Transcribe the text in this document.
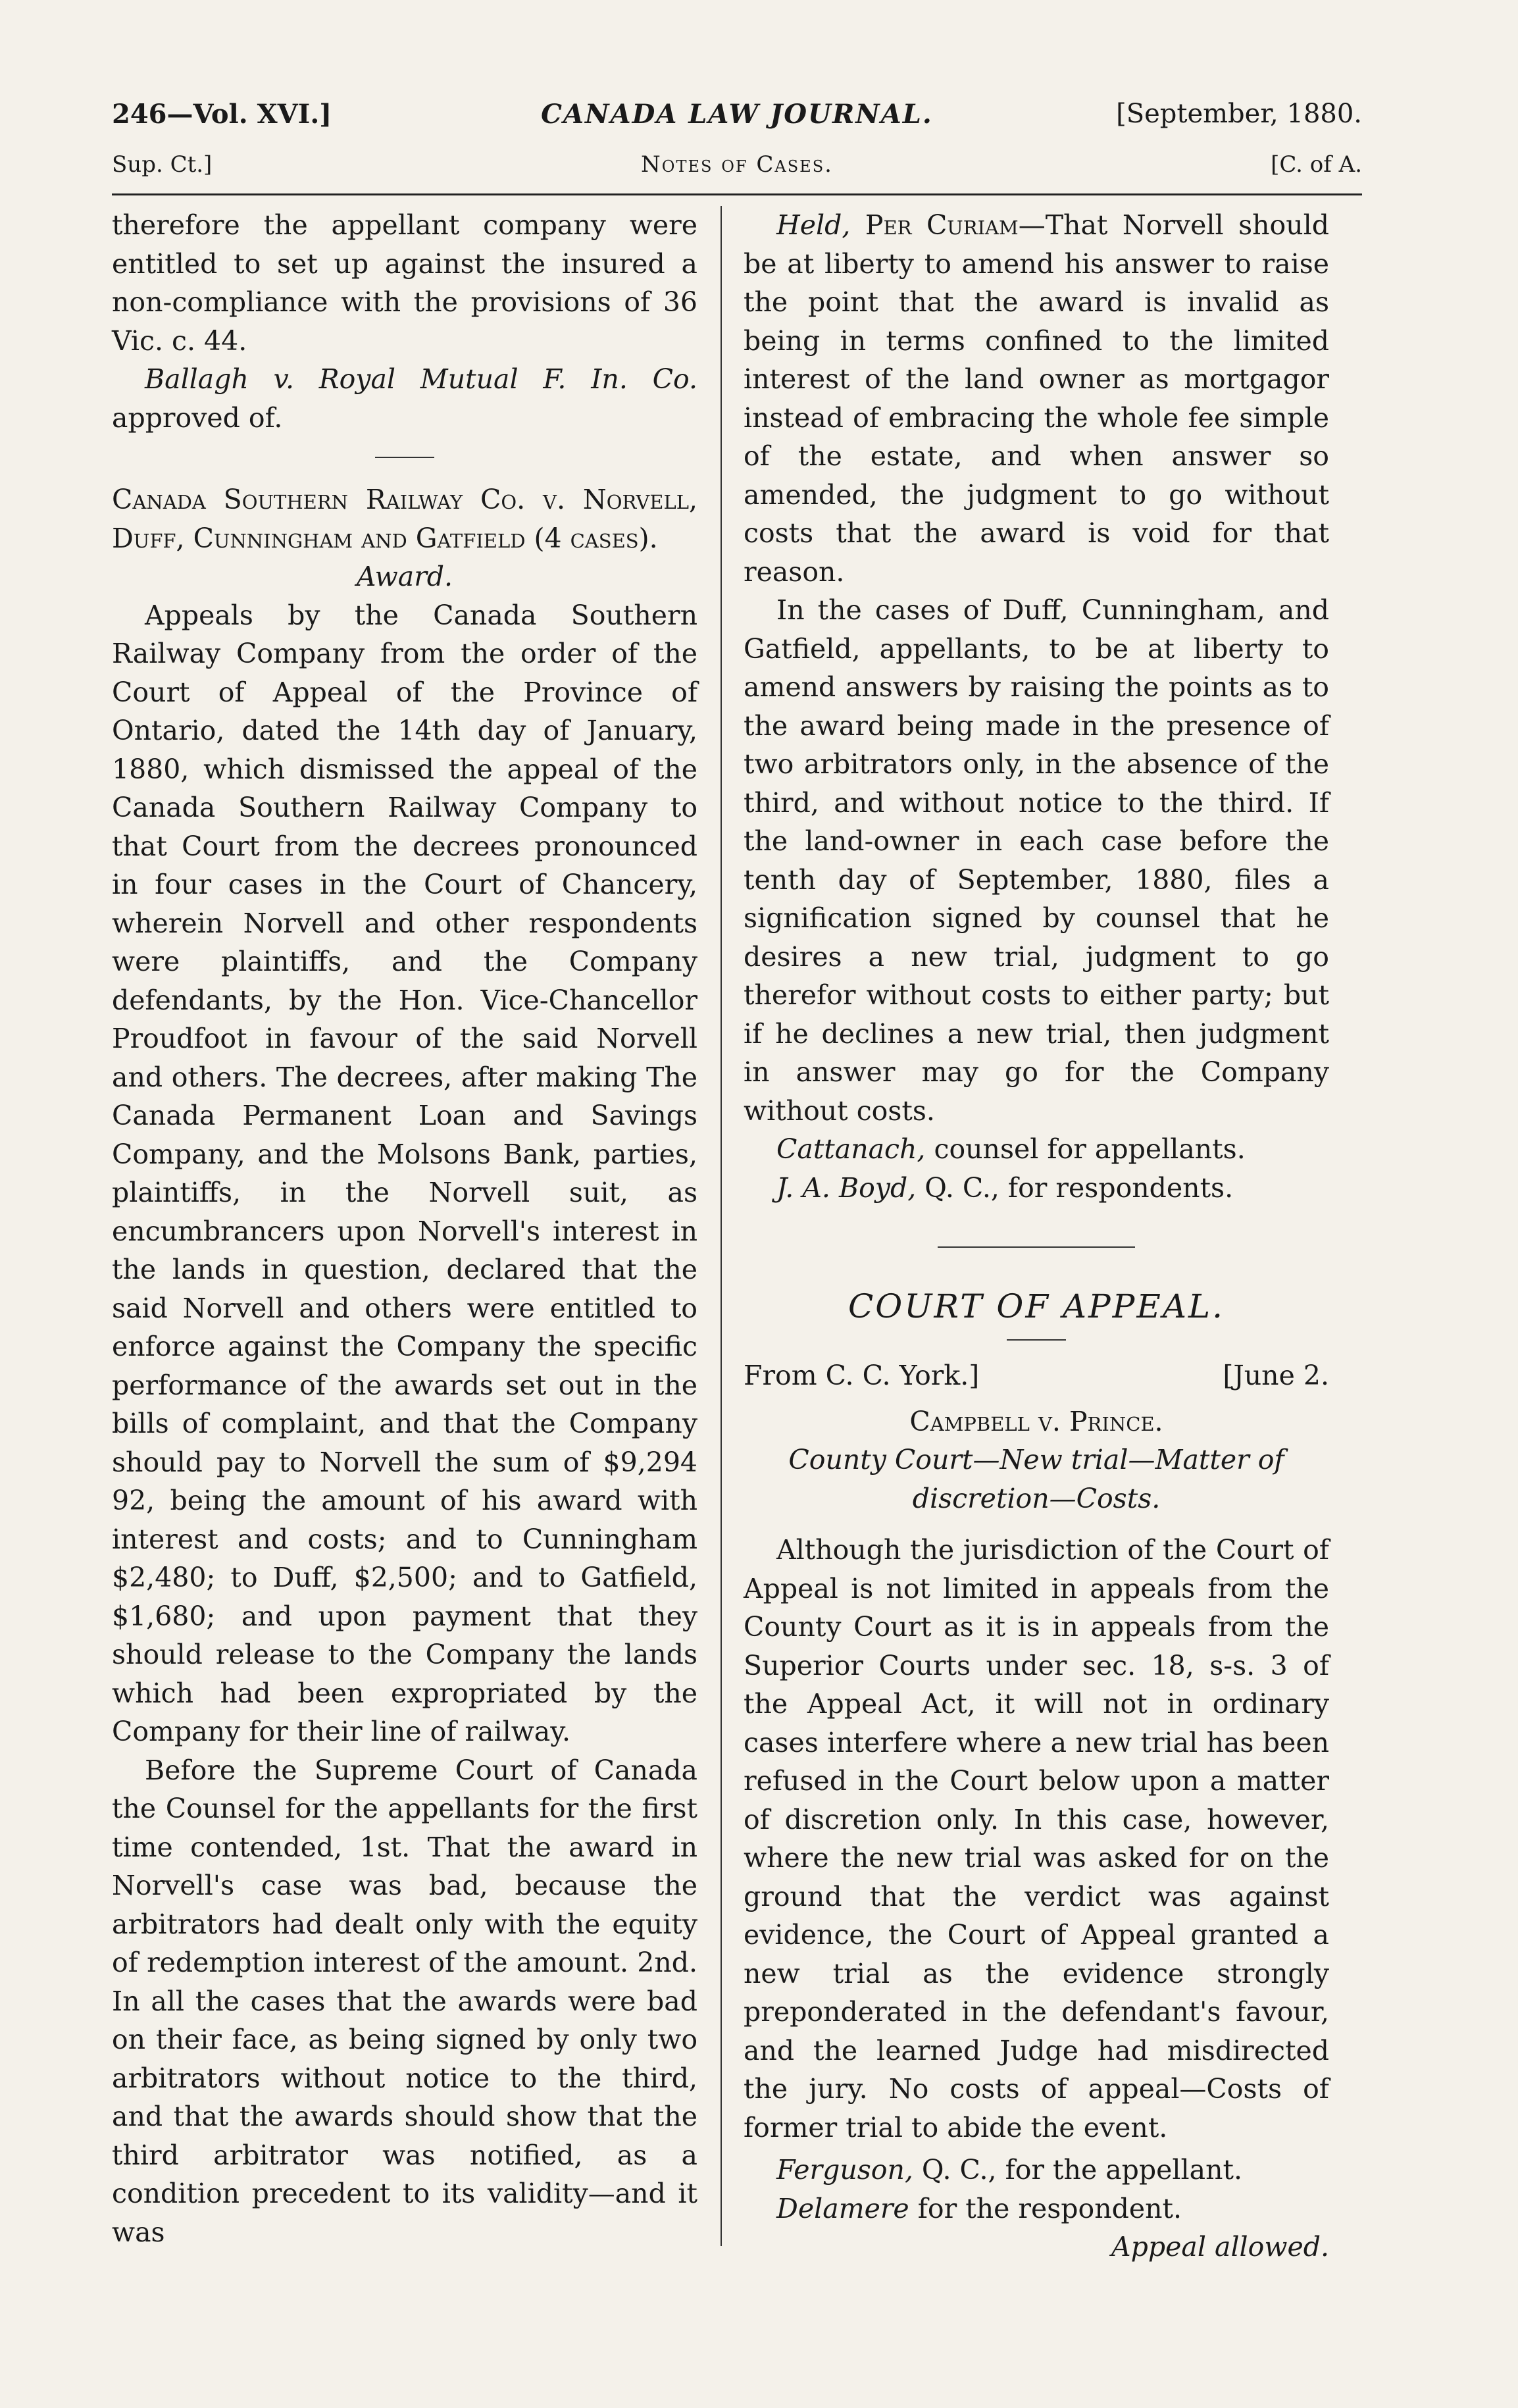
246—Vol. XVI.]	CANADA LAW JOURNAL.	[September, 1880.
Sup. Ct.]	Notes of Cases.	[C. of A.

therefore the appellant company were entitled to set up against the insured a non-compliance with the provisions of 36 Vic. c. 44.

Ballagh v. Royal Mutual F. In. Co. approved of.

Canada Southern Railway Co. v. Norvell, Duff, Cunningham and Gatfield (4 cases).

Award.

Appeals by the Canada Southern Railway Company from the order of the Court of Appeal of the Province of Ontario, dated the 14th day of January, 1880, which dismissed the appeal of the Canada Southern Railway Company to that Court from the decrees pronounced in four cases in the Court of Chancery, wherein Norvell and other respondents were plaintiffs, and the Company defendants, by the Hon. Vice-Chancellor Proudfoot in favour of the said Norvell and others. The decrees, after making The Canada Permanent Loan and Savings Company, and the Molsons Bank, parties, plaintiffs, in the Norvell suit, as encumbrancers upon Norvell's interest in the lands in question, declared that the said Norvell and others were entitled to enforce against the Company the specific performance of the awards set out in the bills of complaint, and that the Company should pay to Norvell the sum of $9,294 92, being the amount of his award with interest and costs; and to Cunningham $2,480; to Duff, $2,500; and to Gatfield, $1,680; and upon payment that they should release to the Company the lands which had been expropriated by the Company for their line of railway.

Before the Supreme Court of Canada the Counsel for the appellants for the first time contended, 1st. That the award in Norvell's case was bad, because the arbitrators had dealt only with the equity of redemption interest of the amount. 2nd. In all the cases that the awards were bad on their face, as being signed by only two arbitrators without notice to the third, and that the awards should show that the third arbitrator was notified, as a condition precedent to its validity—and it was

Held, Per Curiam—That Norvell should be at liberty to amend his answer to raise the point that the award is invalid as being in terms confined to the limited interest of the land owner as mortgagor instead of embracing the whole fee simple of the estate, and when answer so amended, the judgment to go without costs that the award is void for that reason.

In the cases of Duff, Cunningham, and Gatfield, appellants, to be at liberty to amend answers by raising the points as to the award being made in the presence of two arbitrators only, in the absence of the third, and without notice to the third. If the land-owner in each case before the tenth day of September, 1880, files a signification signed by counsel that he desires a new trial, judgment to go therefor without costs to either party; but if he declines a new trial, then judgment in answer may go for the Company without costs.

Cattanach, counsel for appellants.

J. A. Boyd, Q. C., for respondents.

COURT OF APPEAL.
From C. C. York.]	[June 2.

Campbell v. Prince.

County Court—New trial—Matter of discretion—Costs.

Although the jurisdiction of the Court of Appeal is not limited in appeals from the County Court as it is in appeals from the Superior Courts under sec. 18, s-s. 3 of the Appeal Act, it will not in ordinary cases interfere where a new trial has been refused in the Court below upon a matter of discretion only. In this case, however, where the new trial was asked for on the ground that the verdict was against evidence, the Court of Appeal granted a new trial as the evidence strongly preponderated in the defendant's favour, and the learned Judge had misdirected the jury. No costs of appeal—Costs of former trial to abide the event.

Ferguson, Q. C., for the appellant.

Delamere for the respondent.

Appeal allowed.
